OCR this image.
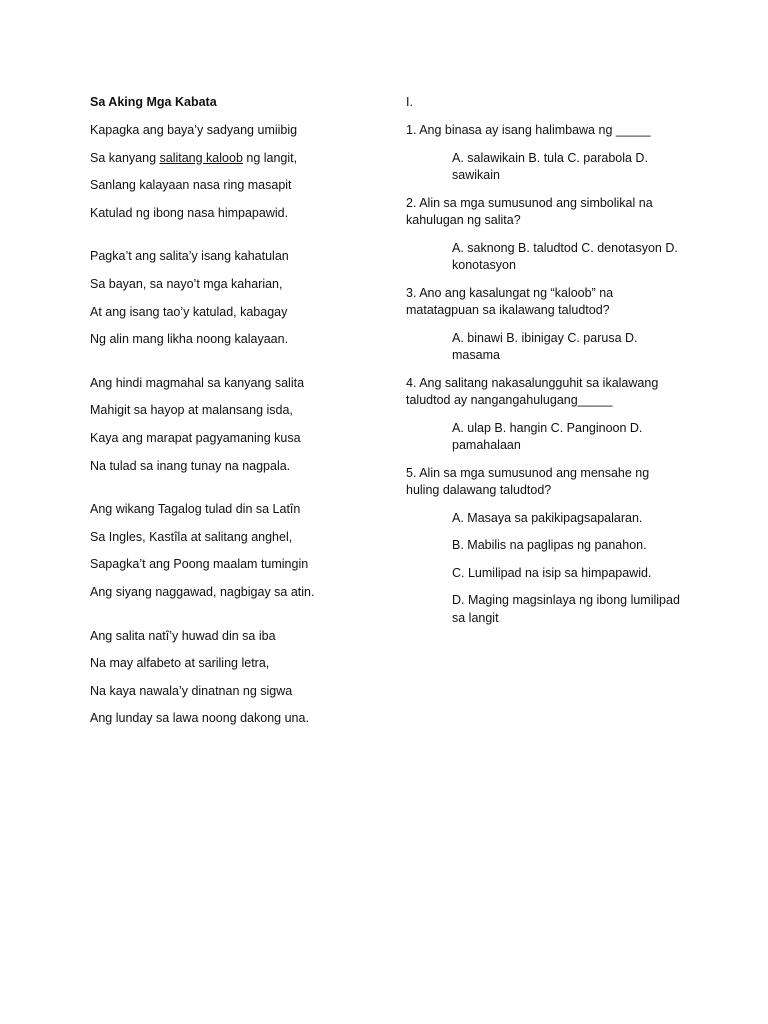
Sa Aking Mga Kabata
Kapagka ang baya’y sadyang umiibig
Sa kanyang salitang kaloob ng langit,
Sanlang kalayaan nasa ring masapit
Katulad ng ibong nasa himpapawid.
Pagka’t ang salita’y isang kahatulan
Sa bayan, sa nayo’t mga kaharian,
At ang isang tao’y katulad, kabagay
Ng alin mang likha noong kalayaan.
Ang hindi magmahal sa kanyang salita
Mahigit sa hayop at malansang isda,
Kaya ang marapat pagyamaning kusa
Na tulad sa inang tunay na nagpala.
Ang wikang Tagalog tulad din sa Latîn
Sa Ingles, Kastîla at salitang anghel,
Sapagka’t ang Poong maalam tumingin
Ang siyang naggawad, nagbigay sa atin.
Ang salita natî’y huwad din sa iba
Na may alfabeto at sariling letra,
Na kaya nawala’y dinatnan ng sigwa
Ang lunday sa lawa noong dakong una.
I.
1. Ang binasa ay isang halimbawa ng _____
A. salawikain B. tula C. parabola D. sawikain
2. Alin sa mga sumusunod ang simbolikal na kahulugan ng salita?
A. saknong B. taludtod C. denotasyon D. konotasyon
3. Ano ang kasalungat ng “kaloob” na matatagpuan sa ikalawang taludtod?
A. binawi B. ibinigay C. parusa D. masama
4. Ang salitang nakasalungguhit sa ikalawang taludtod ay nangangahulugang_____
A. ulap B. hangin C. Panginoon D. pamahalaan
5. Alin sa mga sumusunod ang mensahe ng huling dalawang taludtod?
A. Masaya sa pakikipagsapalaran.
B. Mabilis na paglipas ng panahon.
C. Lumilipad na isip sa himpapawid.
D. Maging magsinlaya ng ibong lumilipad sa langit
